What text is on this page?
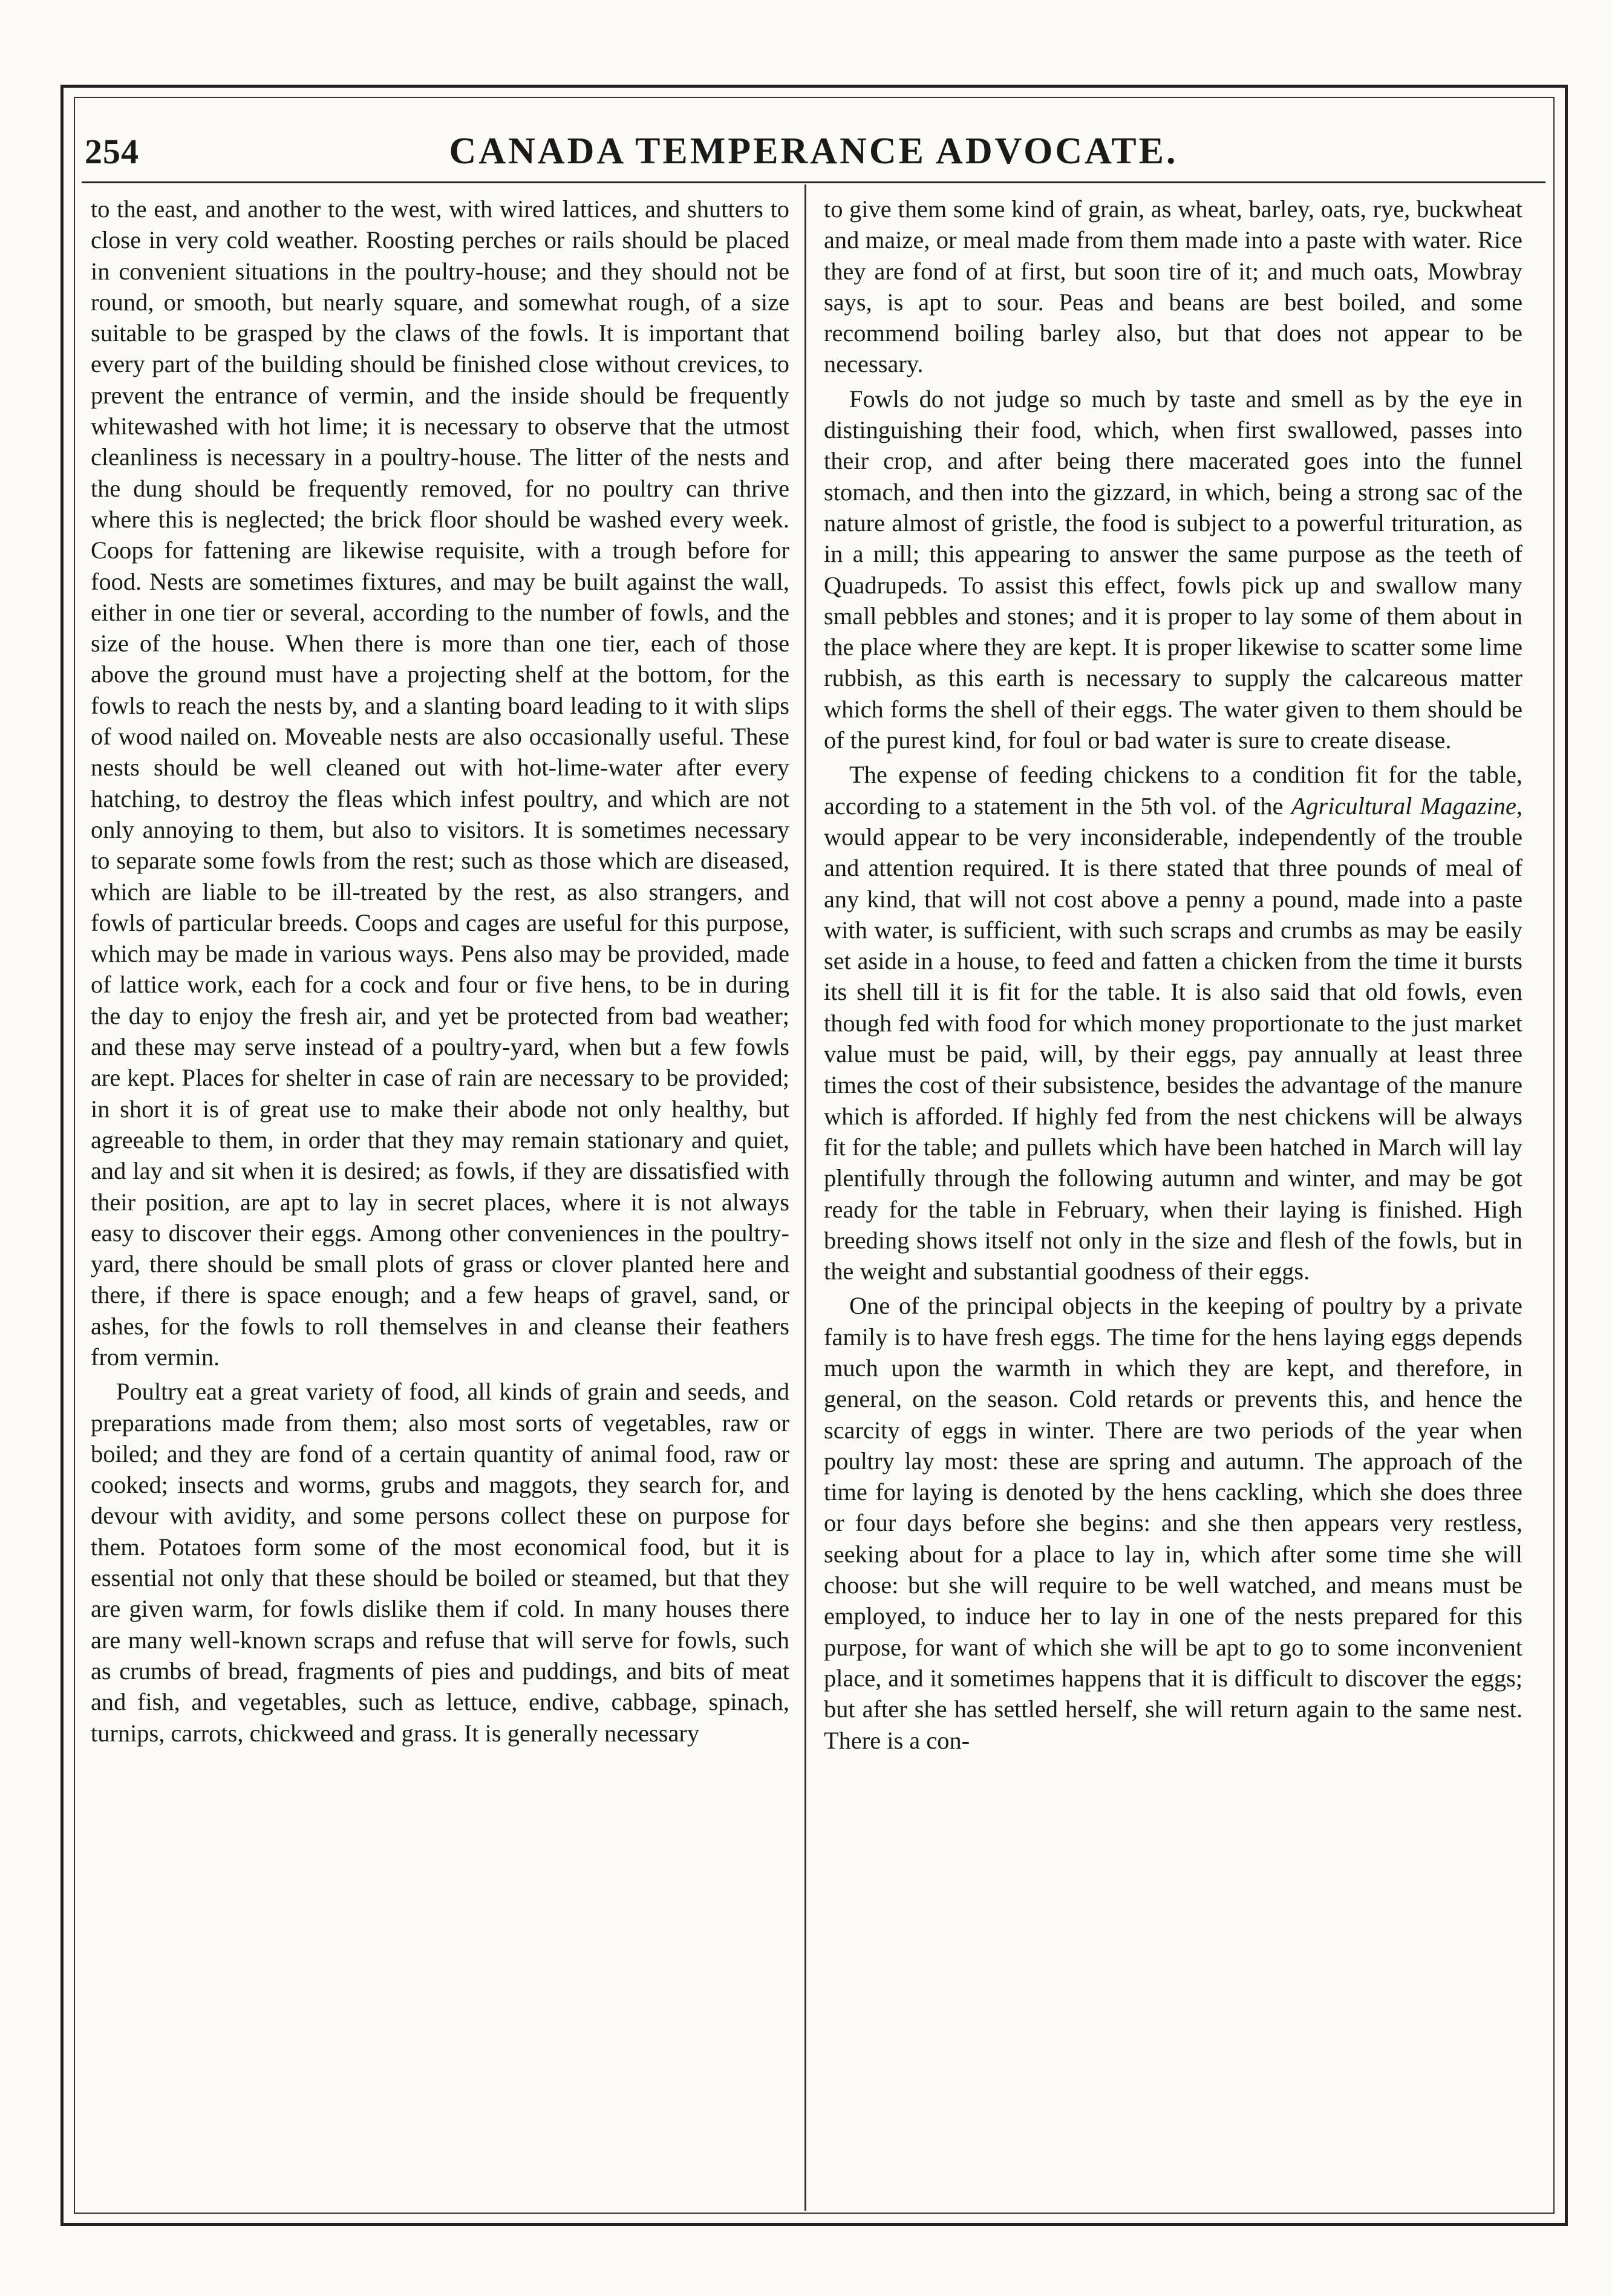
254	CANADA TEMPERANCE ADVOCATE.

to the east, and another to the west, with wired lattices, and shutters to close in very cold weather. Roosting perches or rails should be placed in convenient situations in the poultry-house; and they should not be round, or smooth, but nearly square, and somewhat rough, of a size suitable to be grasped by the claws of the fowls. It is important that every part of the building should be finished close without crevices, to prevent the entrance of vermin, and the inside should be frequently whitewashed with hot lime; it is necessary to observe that the utmost cleanliness is necessary in a poultry-house. The litter of the nests and the dung should be frequently removed, for no poultry can thrive where this is neglected; the brick floor should be washed every week. Coops for fattening are likewise requisite, with a trough before for food. Nests are sometimes fixtures, and may be built against the wall, either in one tier or several, according to the number of fowls, and the size of the house. When there is more than one tier, each of those above the ground must have a projecting shelf at the bottom, for the fowls to reach the nests by, and a slanting board leading to it with slips of wood nailed on. Moveable nests are also occasionally useful. These nests should be well cleaned out with hot-lime-water after every hatching, to destroy the fleas which infest poultry, and which are not only annoying to them, but also to visitors. It is sometimes necessary to separate some fowls from the rest; such as those which are diseased, which are liable to be ill-treated by the rest, as also strangers, and fowls of particular breeds. Coops and cages are useful for this purpose, which may be made in various ways. Pens also may be provided, made of lattice work, each for a cock and four or five hens, to be in during the day to enjoy the fresh air, and yet be protected from bad weather; and these may serve instead of a poultry-yard, when but a few fowls are kept. Places for shelter in case of rain are necessary to be provided; in short it is of great use to make their abode not only healthy, but agreeable to them, in order that they may remain stationary and quiet, and lay and sit when it is desired; as fowls, if they are dissatisfied with their position, are apt to lay in secret places, where it is not always easy to discover their eggs. Among other conveniences in the poultry-yard, there should be small plots of grass or clover planted here and there, if there is space enough; and a few heaps of gravel, sand, or ashes, for the fowls to roll themselves in and cleanse their feathers from vermin.

Poultry eat a great variety of food, all kinds of grain and seeds, and preparations made from them; also most sorts of vegetables, raw or boiled; and they are fond of a certain quantity of animal food, raw or cooked; insects and worms, grubs and maggots, they search for, and devour with avidity, and some persons collect these on purpose for them. Potatoes form some of the most economical food, but it is essential not only that these should be boiled or steamed, but that they are given warm, for fowls dislike them if cold. In many houses there are many well-known scraps and refuse that will serve for fowls, such as crumbs of bread, fragments of pies and puddings, and bits of meat and fish, and vegetables, such as lettuce, endive, cabbage, spinach, turnips, carrots, chickweed and grass. It is generally necessary

to give them some kind of grain, as wheat, barley, oats, rye, buckwheat and maize, or meal made from them made into a paste with water. Rice they are fond of at first, but soon tire of it; and much oats, Mowbray says, is apt to sour. Peas and beans are best boiled, and some recommend boiling barley also, but that does not appear to be necessary.

Fowls do not judge so much by taste and smell as by the eye in distinguishing their food, which, when first swallowed, passes into their crop, and after being there macerated goes into the funnel stomach, and then into the gizzard, in which, being a strong sac of the nature almost of gristle, the food is subject to a powerful trituration, as in a mill; this appearing to answer the same purpose as the teeth of Quadrupeds. To assist this effect, fowls pick up and swallow many small pebbles and stones; and it is proper to lay some of them about in the place where they are kept. It is proper likewise to scatter some lime rubbish, as this earth is necessary to supply the calcareous matter which forms the shell of their eggs. The water given to them should be of the purest kind, for foul or bad water is sure to create disease.

The expense of feeding chickens to a condition fit for the table, according to a statement in the 5th vol. of the Agricultural Magazine, would appear to be very inconsiderable, independently of the trouble and attention required. It is there stated that three pounds of meal of any kind, that will not cost above a penny a pound, made into a paste with water, is sufficient, with such scraps and crumbs as may be easily set aside in a house, to feed and fatten a chicken from the time it bursts its shell till it is fit for the table. It is also said that old fowls, even though fed with food for which money proportionate to the just market value must be paid, will, by their eggs, pay annually at least three times the cost of their subsistence, besides the advantage of the manure which is afforded. If highly fed from the nest chickens will be always fit for the table; and pullets which have been hatched in March will lay plentifully through the following autumn and winter, and may be got ready for the table in February, when their laying is finished. High breeding shows itself not only in the size and flesh of the fowls, but in the weight and substantial goodness of their eggs.

One of the principal objects in the keeping of poultry by a private family is to have fresh eggs. The time for the hens laying eggs depends much upon the warmth in which they are kept, and therefore, in general, on the season. Cold retards or prevents this, and hence the scarcity of eggs in winter. There are two periods of the year when poultry lay most: these are spring and autumn. The approach of the time for laying is denoted by the hens cackling, which she does three or four days before she begins: and she then appears very restless, seeking about for a place to lay in, which after some time she will choose: but she will require to be well watched, and means must be employed, to induce her to lay in one of the nests prepared for this purpose, for want of which she will be apt to go to some inconvenient place, and it sometimes happens that it is difficult to discover the eggs; but after she has settled herself, she will return again to the same nest. There is a con-
